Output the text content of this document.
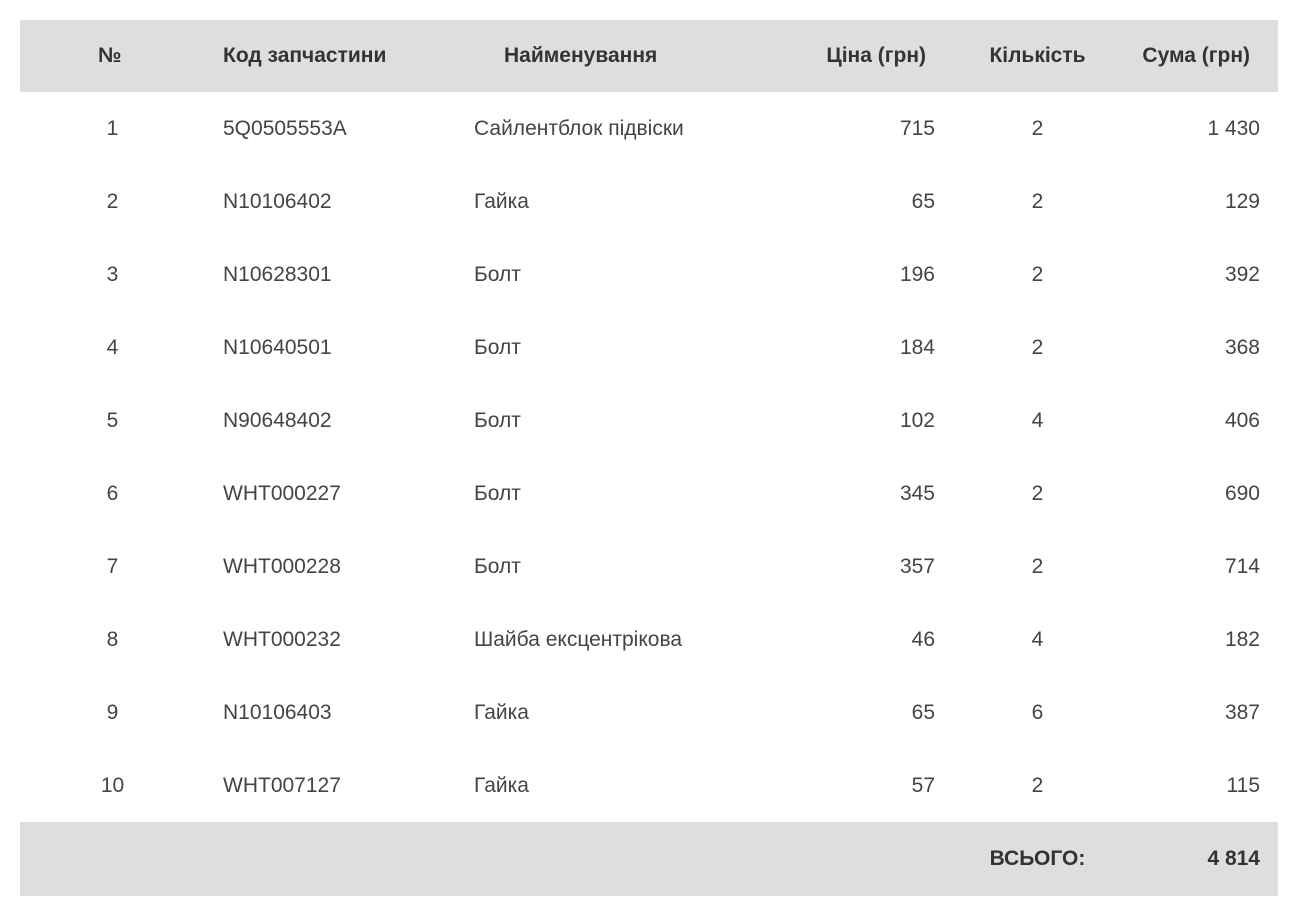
№	Код запчастини	Найменування	Ціна (грн)	Кількість	Сума (грн)
1	5Q0505553A	Сайлентблок підвіски	715	2	1 430
2	N10106402	Гайка	65	2	129
3	N10628301	Болт	196	2	392
4	N10640501	Болт	184	2	368
5	N90648402	Болт	102	4	406
6	WHT000227	Болт	345	2	690
7	WHT000228	Болт	357	2	714
8	WHT000232	Шайба ексцентрікова	46	4	182
9	N10106403	Гайка	65	6	387
10	WHT007127	Гайка	57	2	115
				ВСЬОГО:	4 814
